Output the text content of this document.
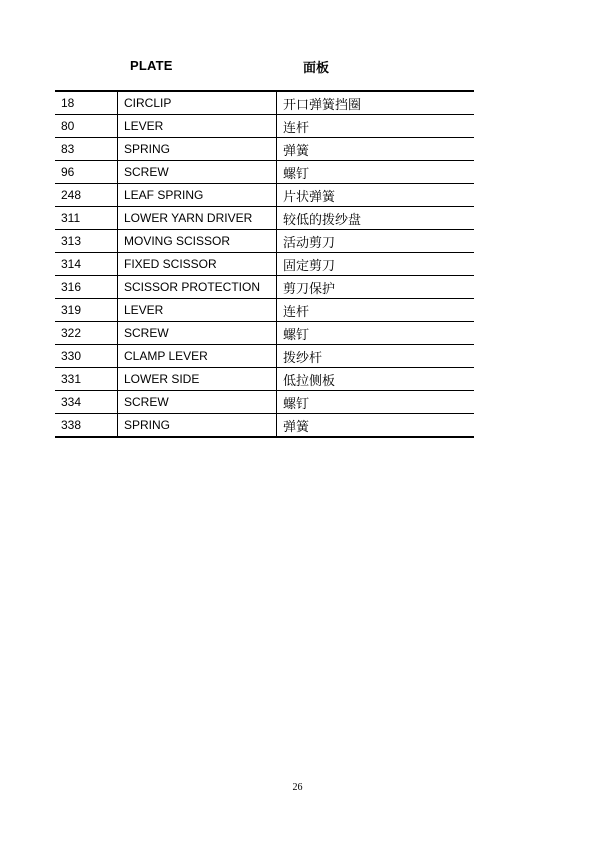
PLATE	面板
18	CIRCLIP	开口弹簧挡圈
80	LEVER	连杆
83	SPRING	弹簧
96	SCREW	螺钉
248	LEAF SPRING	片状弹簧
311	LOWER YARN DRIVER	较低的拨纱盘
313	MOVING SCISSOR	活动剪刀
314	FIXED SCISSOR	固定剪刀
316	SCISSOR PROTECTION	剪刀保护
319	LEVER	连杆
322	SCREW	螺钉
330	CLAMP LEVER	拨纱杆
331	LOWER SIDE	低拉侧板
334	SCREW	螺钉
338	SPRING	弹簧
26
